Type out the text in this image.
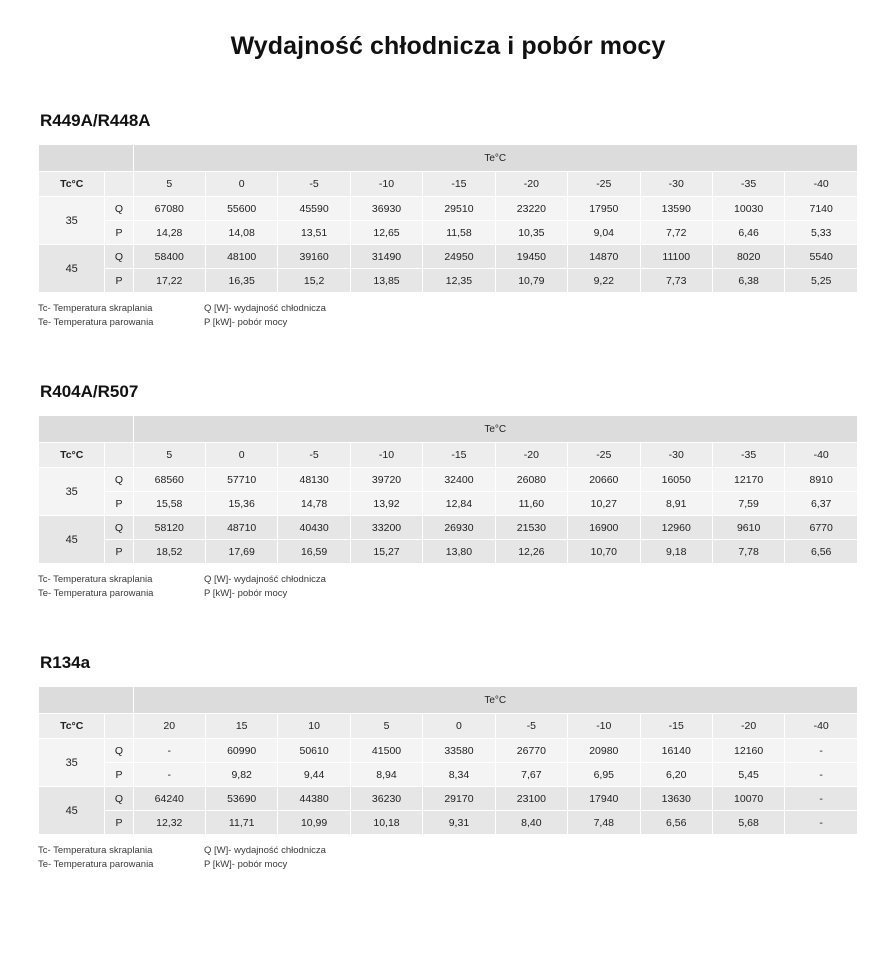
Wydajność chłodnicza i pobór mocy
R449A/R448A
		Te°C									
Tc°C		5	0	-5	-10	-15	-20	-25	-30	-35	-40
35	Q	67080	55600	45590	36930	29510	23220	17950	13590	10030	7140
	P	14,28	14,08	13,51	12,65	11,58	10,35	9,04	7,72	6,46	5,33
45	Q	58400	48100	39160	31490	24950	19450	14870	11100	8020	5540
	P	17,22	16,35	15,2	13,85	12,35	10,79	9,22	7,73	6,38	5,25
Tc- Temperatura skraplania
Te- Temperatura parowania
Q [W]- wydajność chłodnicza
P [kW]- pobór mocy
R404A/R507
		Te°C									
Tc°C		5	0	-5	-10	-15	-20	-25	-30	-35	-40
35	Q	68560	57710	48130	39720	32400	26080	20660	16050	12170	8910
	P	15,58	15,36	14,78	13,92	12,84	11,60	10,27	8,91	7,59	6,37
45	Q	58120	48710	40430	33200	26930	21530	16900	12960	9610	6770
	P	18,52	17,69	16,59	15,27	13,80	12,26	10,70	9,18	7,78	6,56
Tc- Temperatura skraplania
Te- Temperatura parowania
Q [W]- wydajność chłodnicza
P [kW]- pobór mocy
R134a
		Te°C									
Tc°C		20	15	10	5	0	-5	-10	-15	-20	-40
35	Q	-	60990	50610	41500	33580	26770	20980	16140	12160	-
	P	-	9,82	9,44	8,94	8,34	7,67	6,95	6,20	5,45	-
45	Q	64240	53690	44380	36230	29170	23100	17940	13630	10070	-
	P	12,32	11,71	10,99	10,18	9,31	8,40	7,48	6,56	5,68	-
Tc- Temperatura skraplania
Te- Temperatura parowania
Q [W]- wydajność chłodnicza
P [kW]- pobór mocy
